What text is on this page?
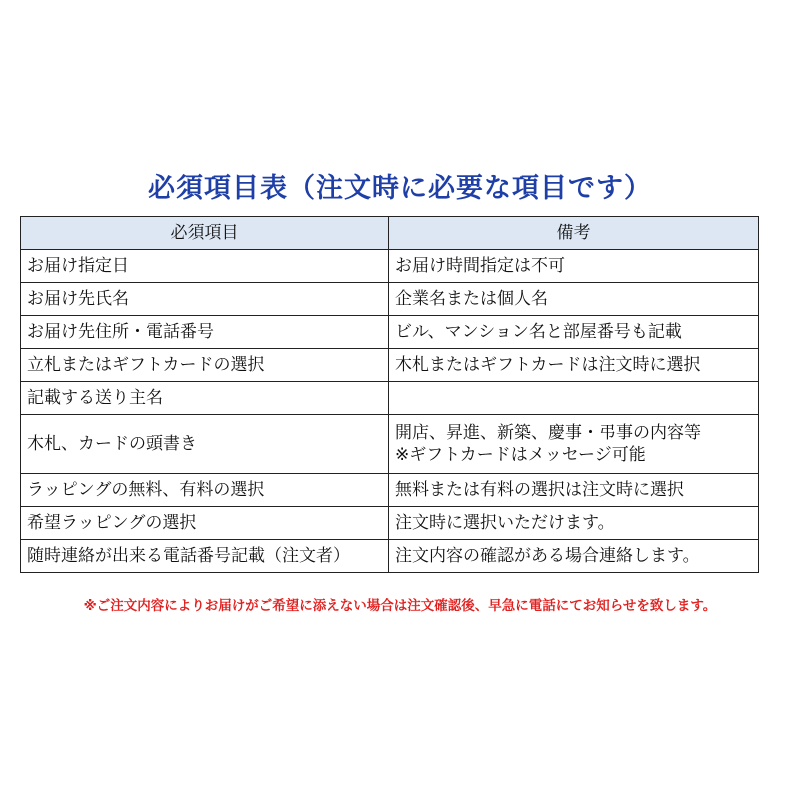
必須項目表（注文時に必要な項目です）
必須項目	備考
お届け指定日	お届け時間指定は不可
お届け先氏名	企業名または個人名
お届け先住所・電話番号	ビル、マンション名と部屋番号も記載
立札またはギフトカードの選択	木札またはギフトカードは注文時に選択
記載する送り主名	
木札、カードの頭書き	開店、昇進、新築、慶事・弔事の内容等
※ギフトカードはメッセージ可能

ラッピングの無料、有料の選択	無料または有料の選択は注文時に選択
希望ラッピングの選択	注文時に選択いただけます。
随時連絡が出来る電話番号記載（注文者）	注文内容の確認がある場合連絡します。
※ご注文内容によりお届けがご希望に添えない場合は注文確認後、早急に電話にてお知らせを致します。
